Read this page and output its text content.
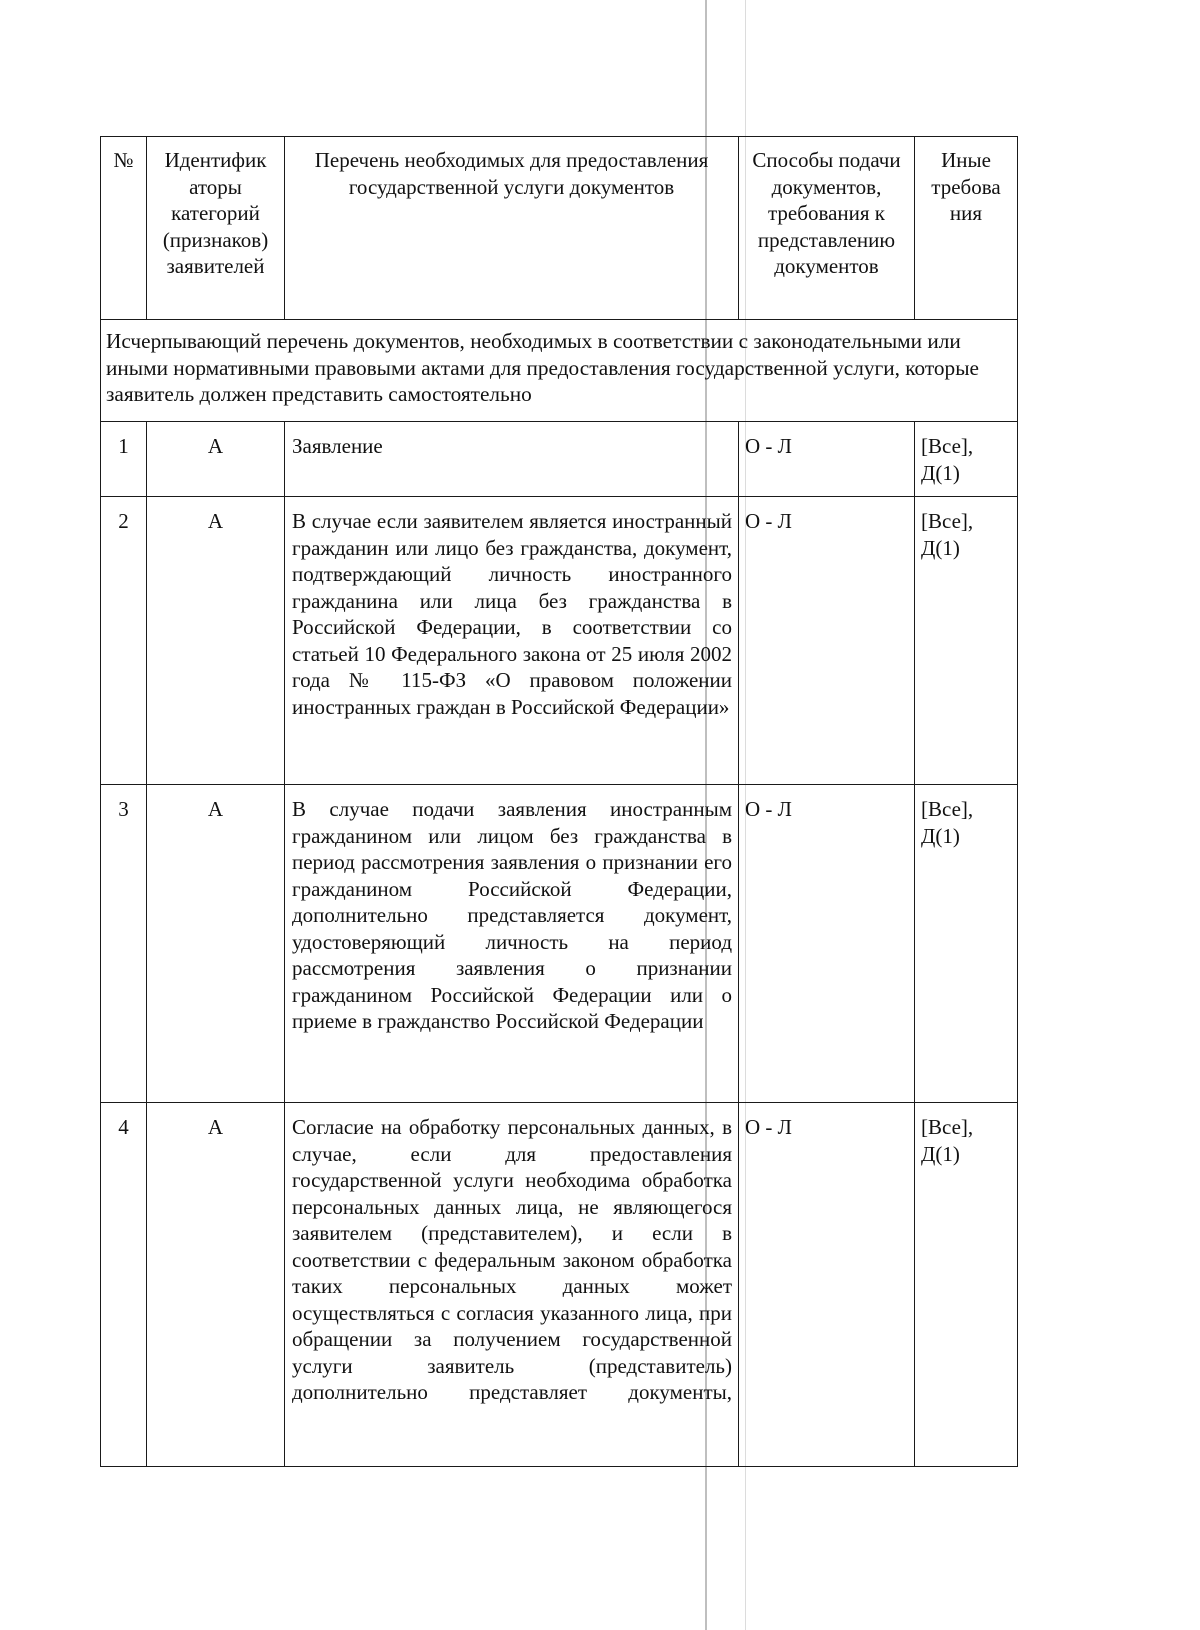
№	Идентифик аторы категорий (признаков) заявителей	Перечень необходимых для предоставления государственной услуги документов	Способы подачи документов, требования к представлению документов	Иные требова ния
Исчерпывающий перечень документов, необходимых в соответствии с законодательными или иными нормативными правовыми актами для предоставления государственной услуги, которые заявитель должен представить самостоятельно				
1	А	Заявление	О - Л	[Все],
Д(1)

2	А	В случае если заявителем является иностранный гражданин или лицо без гражданства, документ, подтверждающий личность иностранного гражданина или лица без гражданства в Российской Федерации, в соответствии со статьей 10 Федерального закона от 25 июля 2002 года № 115-ФЗ «О правовом положении иностранных граждан в Российской Федерации»	О - Л	[Все],
Д(1)

3	А	В случае подачи заявления иностранным гражданином или лицом без гражданства в период рассмотрения заявления о признании его гражданином Российской Федерации, дополнительно представляется документ, удостоверяющий личность на период рассмотрения заявления о признании гражданином Российской Федерации или о приеме в гражданство Российской Федерации	О - Л	[Все],
Д(1)

4	А	Согласие на обработку персональных данных, в случае, если для предоставления государственной услуги необходима обработка персональных данных лица, не являющегося заявителем (представителем), и если в соответствии с федеральным законом обработка таких персональных данных может осуществляться с согласия указанного лица, при обращении за получением государственной услуги заявитель (представитель) дополнительно представляет документы,	О - Л	[Все],
Д(1)
